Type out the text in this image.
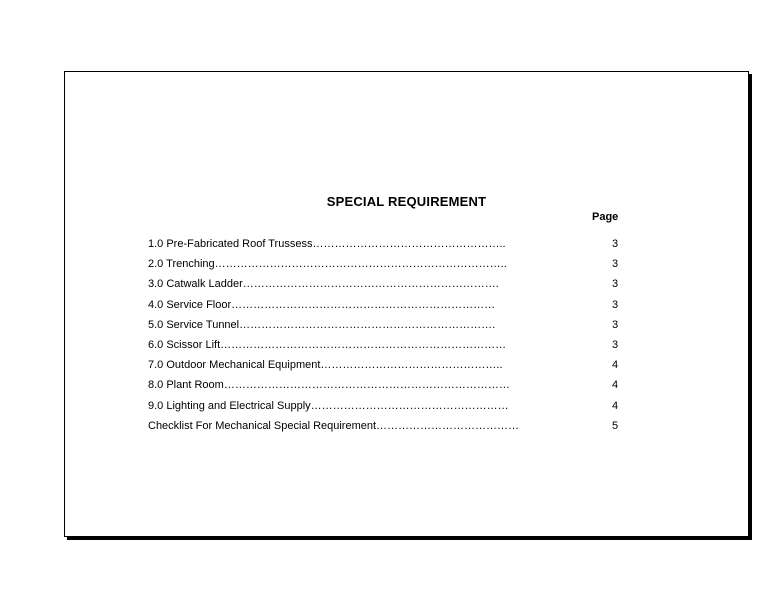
SPECIAL REQUIREMENT
Page
1.0 Pre-Fabricated Roof Trussess……………………………………………..	3
2.0 Trenching……………………………………………………………………..	3
3.0 Catwalk Ladder…………………………………………………………….	3
4.0 Service Floor………………………………………………………………	3
5.0 Service Tunnel…………………………………………………………….	3
6.0 Scissor Lift……………………………………………………………………	3
7.0 Outdoor Mechanical Equipment…………………………………………..	4
8.0 Plant Room……………………………………………………………………	4
9.0 Lighting and Electrical Supply………………………………………………	4
Checklist For Mechanical Special Requirement…………………………………	5
